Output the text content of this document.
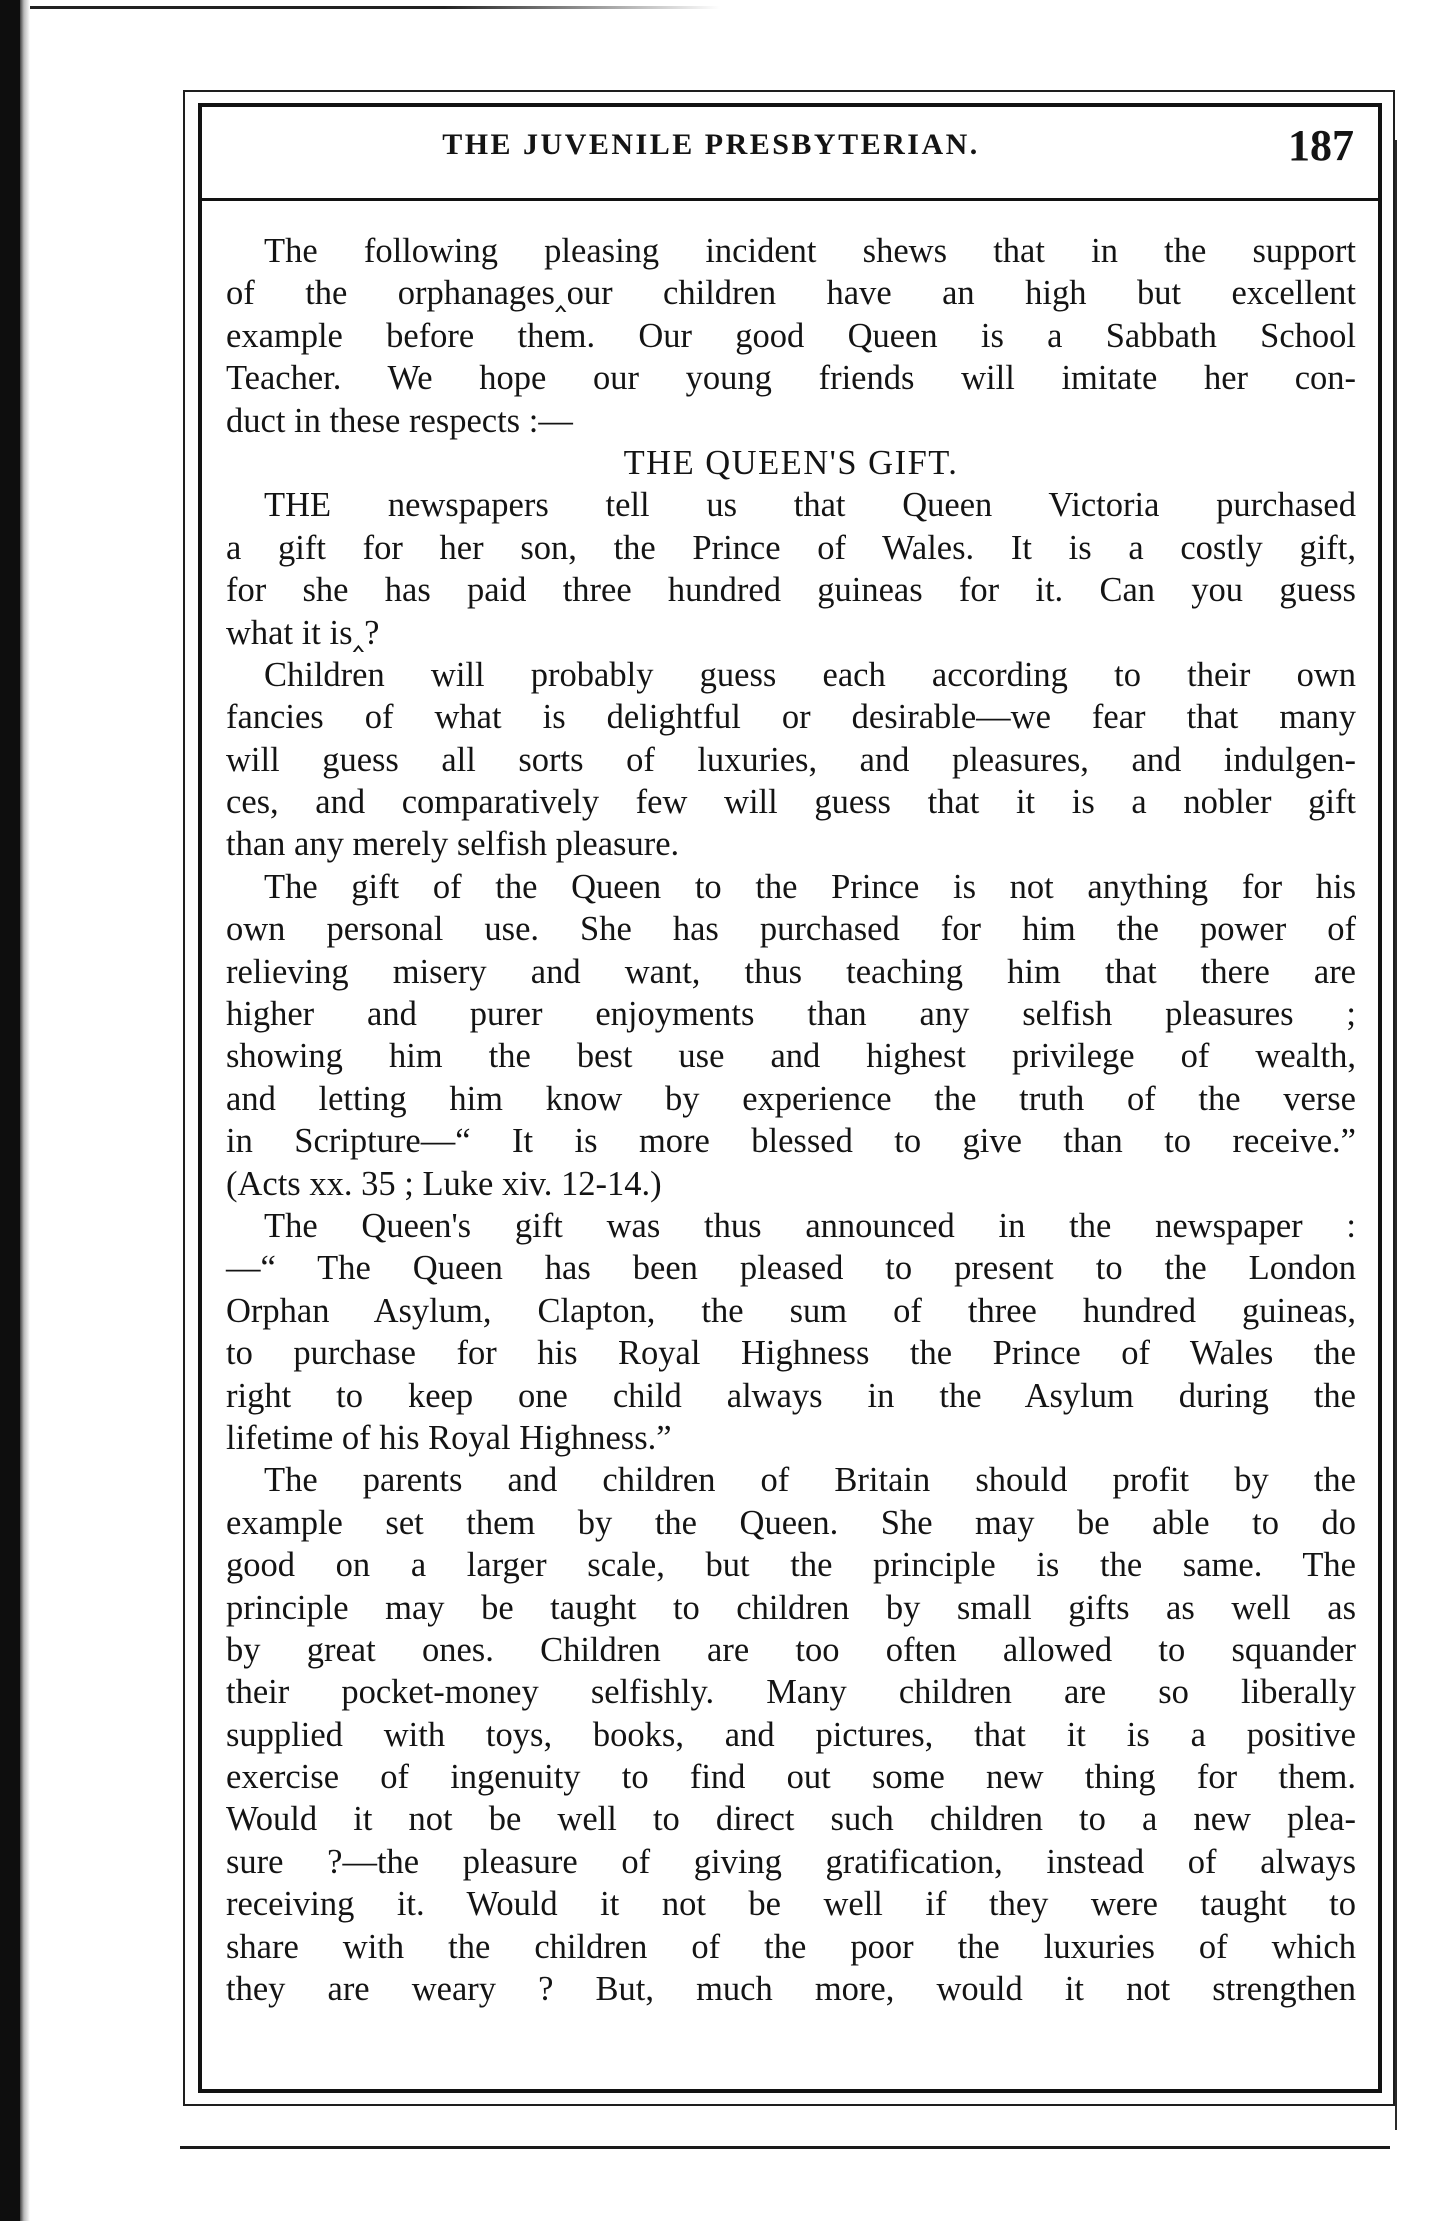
THE JUVENILE PRESBYTERIAN.	187
The following pleasing incident shews that in the support
of the orphanages‸our children have an high but excellent
example before them. Our good Queen is a Sabbath School
Teacher. We hope our young friends will imitate her con-
duct in these respects :—
THE QUEEN'S GIFT.
THE newspapers tell us that Queen Victoria purchased
a gift for her son, the Prince of Wales. It is a costly gift,
for she has paid three hundred guineas for it. Can you guess
what it is‸?
Children will probably guess each according to their own
fancies of what is delightful or desirable—we fear that many
will guess all sorts of luxuries, and pleasures, and indulgen-
ces, and comparatively few will guess that it is a nobler gift
than any merely selfish pleasure.
The gift of the Queen to the Prince is not anything for his
own personal use. She has purchased for him the power of
relieving misery and want, thus teaching him that there are
higher and purer enjoyments than any selfish pleasures ;
showing him the best use and highest privilege of wealth,
and letting him know by experience the truth of the verse
in Scripture—“ It is more blessed to give than to receive.”
(Acts xx. 35 ; Luke xiv. 12-14.)
The Queen's gift was thus announced in the newspaper :
—“ The Queen has been pleased to present to the London
Orphan Asylum, Clapton, the sum of three hundred guineas,
to purchase for his Royal Highness the Prince of Wales the
right to keep one child always in the Asylum during the
lifetime of his Royal Highness.”
The parents and children of Britain should profit by the
example set them by the Queen. She may be able to do
good on a larger scale, but the principle is the same. The
principle may be taught to children by small gifts as well as
by great ones. Children are too often allowed to squander
their pocket-money selfishly. Many children are so liberally
supplied with toys, books, and pictures, that it is a positive
exercise of ingenuity to find out some new thing for them.
Would it not be well to direct such children to a new plea-
sure ?—the pleasure of giving gratification, instead of always
receiving it. Would it not be well if they were taught to
share with the children of the poor the luxuries of which
they are weary ? But, much more, would it not strengthen
